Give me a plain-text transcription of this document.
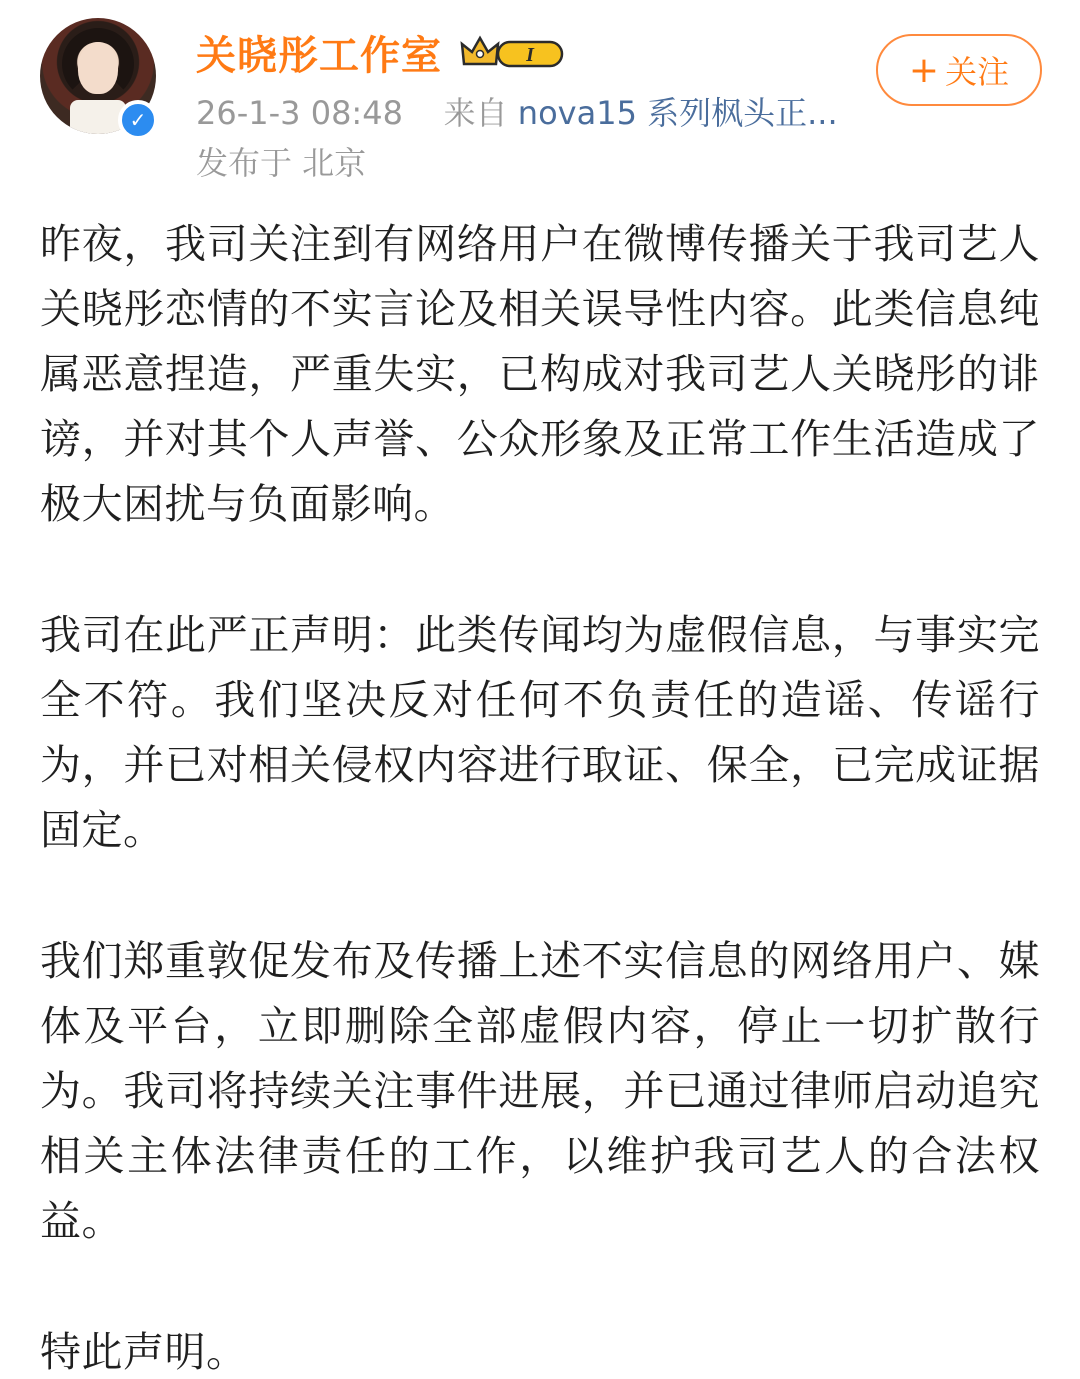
✓
关晓彤工作室	I	+ 关注
26-1-3 08:48 来自 nova15 系列枫头正...
发布于 北京

昨夜，我司关注到有网络用户在微博传播关于我司艺人关晓彤恋情的不实言论及相关误导性内容。此类信息纯属恶意捏造，严重失实，已构成对我司艺人关晓彤的诽谤，并对其个人声誉、公众形象及正常工作生活造成了极大困扰与负面影响。

我司在此严正声明：此类传闻均为虚假信息，与事实完全不符。我们坚决反对任何不负责任的造谣、传谣行为，并已对相关侵权内容进行取证、保全，已完成证据固定。

我们郑重敦促发布及传播上述不实信息的网络用户、媒体及平台，立即删除全部虚假内容，停止一切扩散行为。我司将持续关注事件进展，并已通过律师启动追究相关主体法律责任的工作，以维护我司艺人的合法权益。

特此声明。
